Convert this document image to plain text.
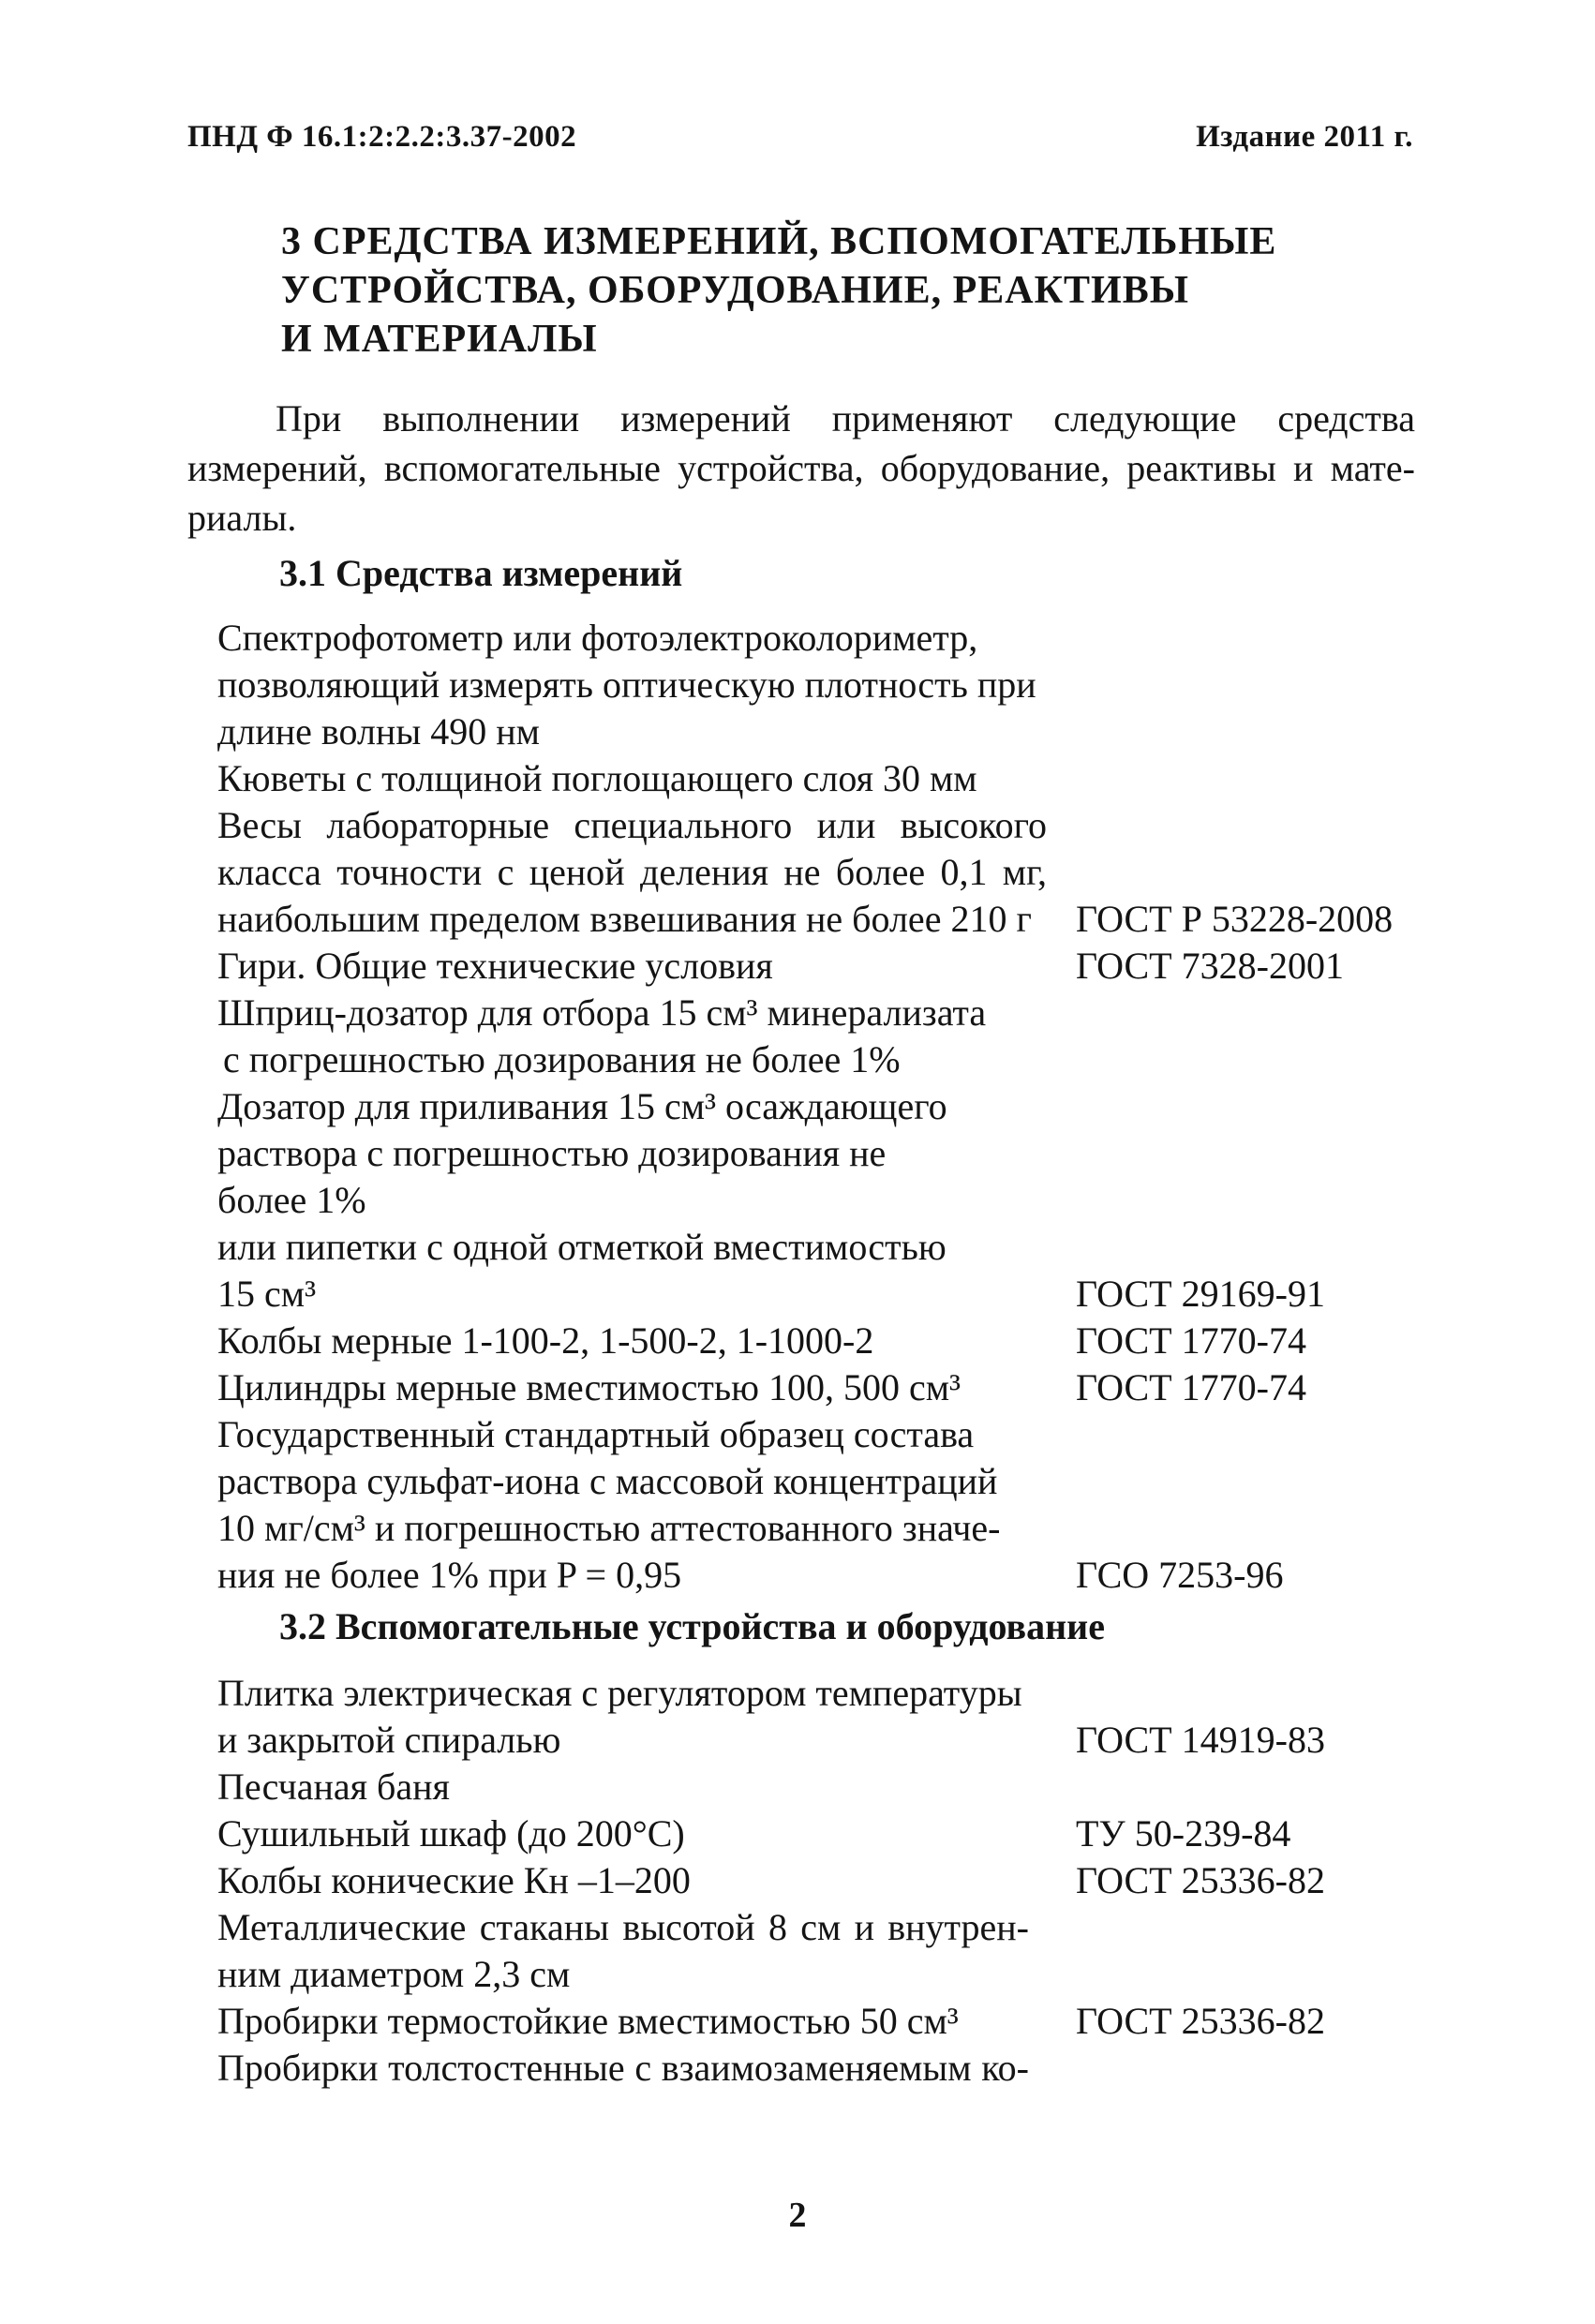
ПНД Ф 16.1:2:2.2:3.37-2002	Издание 2011 г.
3 СРЕДСТВА ИЗМЕРЕНИЙ, ВСПОМОГАТЕЛЬНЫЕ
УСТРОЙСТВА, ОБОРУДОВАНИЕ, РЕАКТИВЫ
И МАТЕРИАЛЫ
При выполнении измерений применяют следующие средства
измерений, вспомогательные устройства, оборудование, реактивы и мате-
риалы.
3.1 Средства измерений
Спектрофотометр или фотоэлектроколориметр,
позволяющий измерять оптическую плотность при
длине волны 490 нм
Кюветы с толщиной поглощающего слоя 30 мм
Весы лабораторные специального или высокого
класса точности с ценой деления не более 0,1 мг,
наибольшим пределом взвешивания не более 210 г ГОСТ Р 53228-2008
Гири. Общие технические условия	ГОСТ 7328-2001
Шприц-дозатор для отбора 15 см³ минерализата
с погрешностью дозирования не более 1%
Дозатор для приливания 15 см³ осаждающего
раствора с погрешностью дозирования не
более 1%
или пипетки с одной отметкой вместимостью
15 см³	ГОСТ 29169-91
Колбы мерные 1-100-2, 1-500-2, 1-1000-2	ГОСТ 1770-74
Цилиндры мерные вместимостью 100, 500 см³	ГОСТ 1770-74
Государственный стандартный образец состава
раствора сульфат-иона с массовой концентраций
10 мг/см³ и погрешностью аттестованного значе-
ния не более 1% при P = 0,95	ГСО 7253-96
3.2 Вспомогательные устройства и оборудование
Плитка электрическая с регулятором температуры
и закрытой спиралью	ГОСТ 14919-83
Песчаная баня
Сушильный шкаф (до 200°С)	ТУ 50-239-84
Колбы конические Кн –1–200	ГОСТ 25336-82
Металлические стаканы высотой 8 см и внутрен-
ним диаметром 2,3 см
Пробирки термостойкие вместимостью 50 см³	ГОСТ 25336-82
Пробирки толстостенные с взаимозаменяемым ко-
2
